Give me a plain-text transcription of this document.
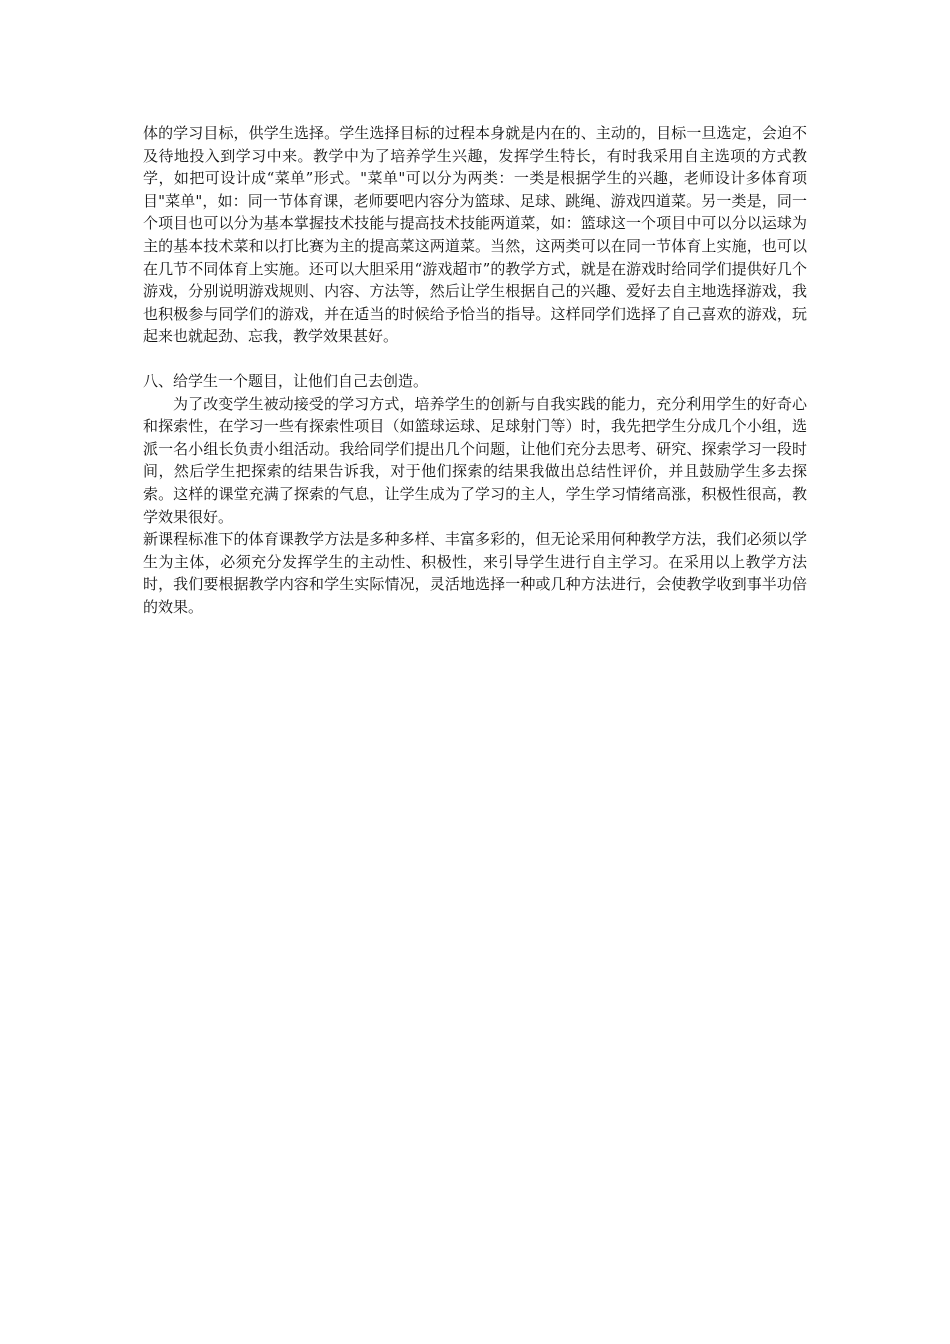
体的学习目标，供学生选择。学生选择目标的过程本身就是内在的、主动的，目标一旦选定，会迫不及待地投入到学习中来。教学中为了培养学生兴趣，发挥学生特长，有时我采用自主选项的方式教学，如把可设计成“菜单”形式。"菜单"可以分为两类：一类是根据学生的兴趣，老师设计多体育项目"菜单"，如：同一节体育课，老师要吧内容分为篮球、足球、跳绳、游戏四道菜。另一类是，同一个项目也可以分为基本掌握技术技能与提高技术技能两道菜，如：篮球这一个项目中可以分以运球为主的基本技术菜和以打比赛为主的提高菜这两道菜。当然，这两类可以在同一节体育上实施，也可以在几节不同体育上实施。还可以大胆采用“游戏超市”的教学方式，就是在游戏时给同学们提供好几个游戏，分别说明游戏规则、内容、方法等，然后让学生根据自己的兴趣、爱好去自主地选择游戏，我也积极参与同学们的游戏，并在适当的时候给予恰当的指导。这样同学们选择了自己喜欢的游戏，玩起来也就起劲、忘我，教学效果甚好。

八、给学生一个题目，让他们自己去创造。

为了改变学生被动接受的学习方式，培养学生的创新与自我实践的能力，充分利用学生的好奇心和探索性，在学习一些有探索性项目（如篮球运球、足球射门等）时，我先把学生分成几个小组，选派一名小组长负责小组活动。我给同学们提出几个问题，让他们充分去思考、研究、探索学习一段时间，然后学生把探索的结果告诉我，对于他们探索的结果我做出总结性评价，并且鼓励学生多去探索。这样的课堂充满了探索的气息，让学生成为了学习的主人，学生学习情绪高涨，积极性很高，教学效果很好。

新课程标准下的体育课教学方法是多种多样、丰富多彩的，但无论采用何种教学方法，我们必须以学生为主体，必须充分发挥学生的主动性、积极性，来引导学生进行自主学习。在采用以上教学方法时，我们要根据教学内容和学生实际情况，灵活地选择一种或几种方法进行，会使教学收到事半功倍的效果。
